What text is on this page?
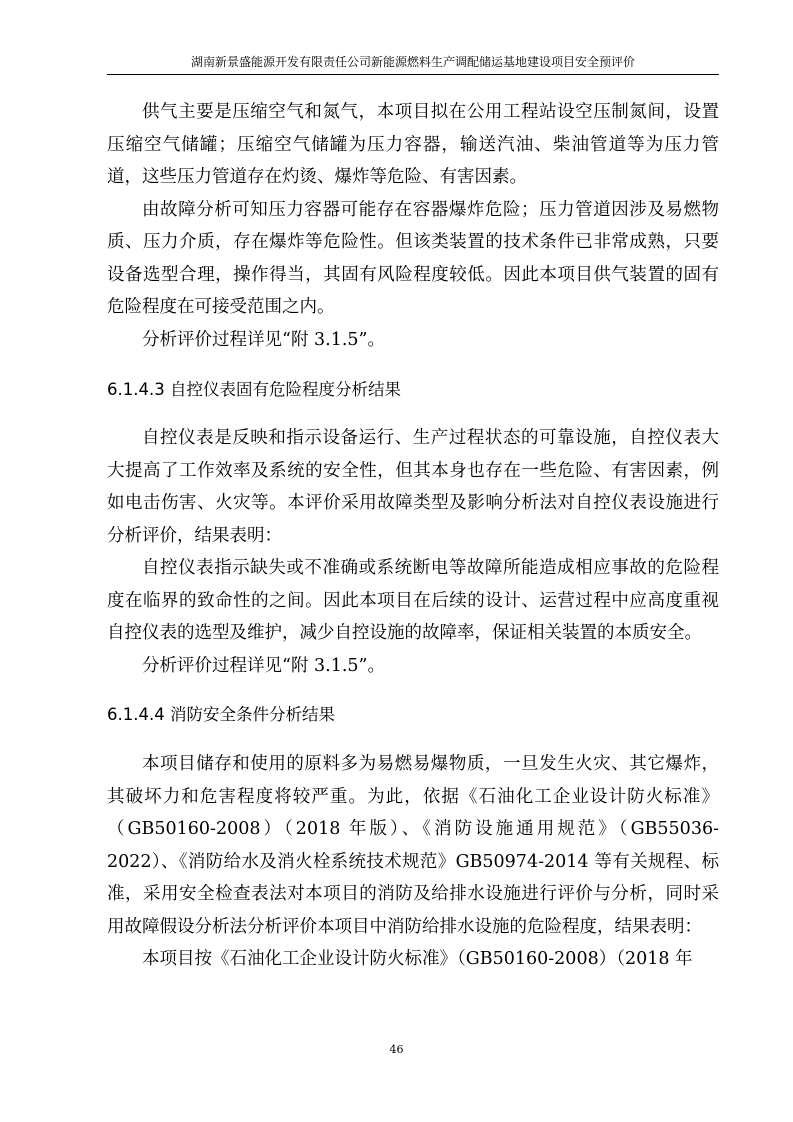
湖南新景盛能源开发有限责任公司新能源燃料生产调配储运基地建设项目安全预评价

供气主要是压缩空气和氮气，本项目拟在公用工程站设空压制氮间，设置压缩空气储罐；压缩空气储罐为压力容器，输送汽油、柴油管道等为压力管道，这些压力管道存在灼烫、爆炸等危险、有害因素。

由故障分析可知压力容器可能存在容器爆炸危险；压力管道因涉及易燃物质、压力介质，存在爆炸等危险性。但该类装置的技术条件已非常成熟，只要设备选型合理，操作得当，其固有风险程度较低。因此本项目供气装置的固有危险程度在可接受范围之内。

分析评价过程详见“附 3.1.5”。

6.1.4.3 自控仪表固有危险程度分析结果

自控仪表是反映和指示设备运行、生产过程状态的可靠设施，自控仪表大大提高了工作效率及系统的安全性，但其本身也存在一些危险、有害因素，例如电击伤害、火灾等。本评价采用故障类型及影响分析法对自控仪表设施进行分析评价，结果表明：

自控仪表指示缺失或不准确或系统断电等故障所能造成相应事故的危险程度在临界的致命性的之间。因此本项目在后续的设计、运营过程中应高度重视自控仪表的选型及维护，减少自控设施的故障率，保证相关装置的本质安全。

分析评价过程详见“附 3.1.5”。

6.1.4.4 消防安全条件分析结果

本项目储存和使用的原料多为易燃易爆物质，一旦发生火灾、其它爆炸，其破坏力和危害程度将较严重。为此，依据《石油化工企业设计防火标准》（GB50160-2008）（2018 年版）、《消防设施通用规范》（GB55036-2022）、《消防给水及消火栓系统技术规范》GB50974-2014 等有关规程、标准，采用安全检查表法对本项目的消防及给排水设施进行评价与分析，同时采用故障假设分析法分析评价本项目中消防给排水设施的危险程度，结果表明：

本项目按《石油化工企业设计防火标准》（GB50160-2008）（2018 年

46
